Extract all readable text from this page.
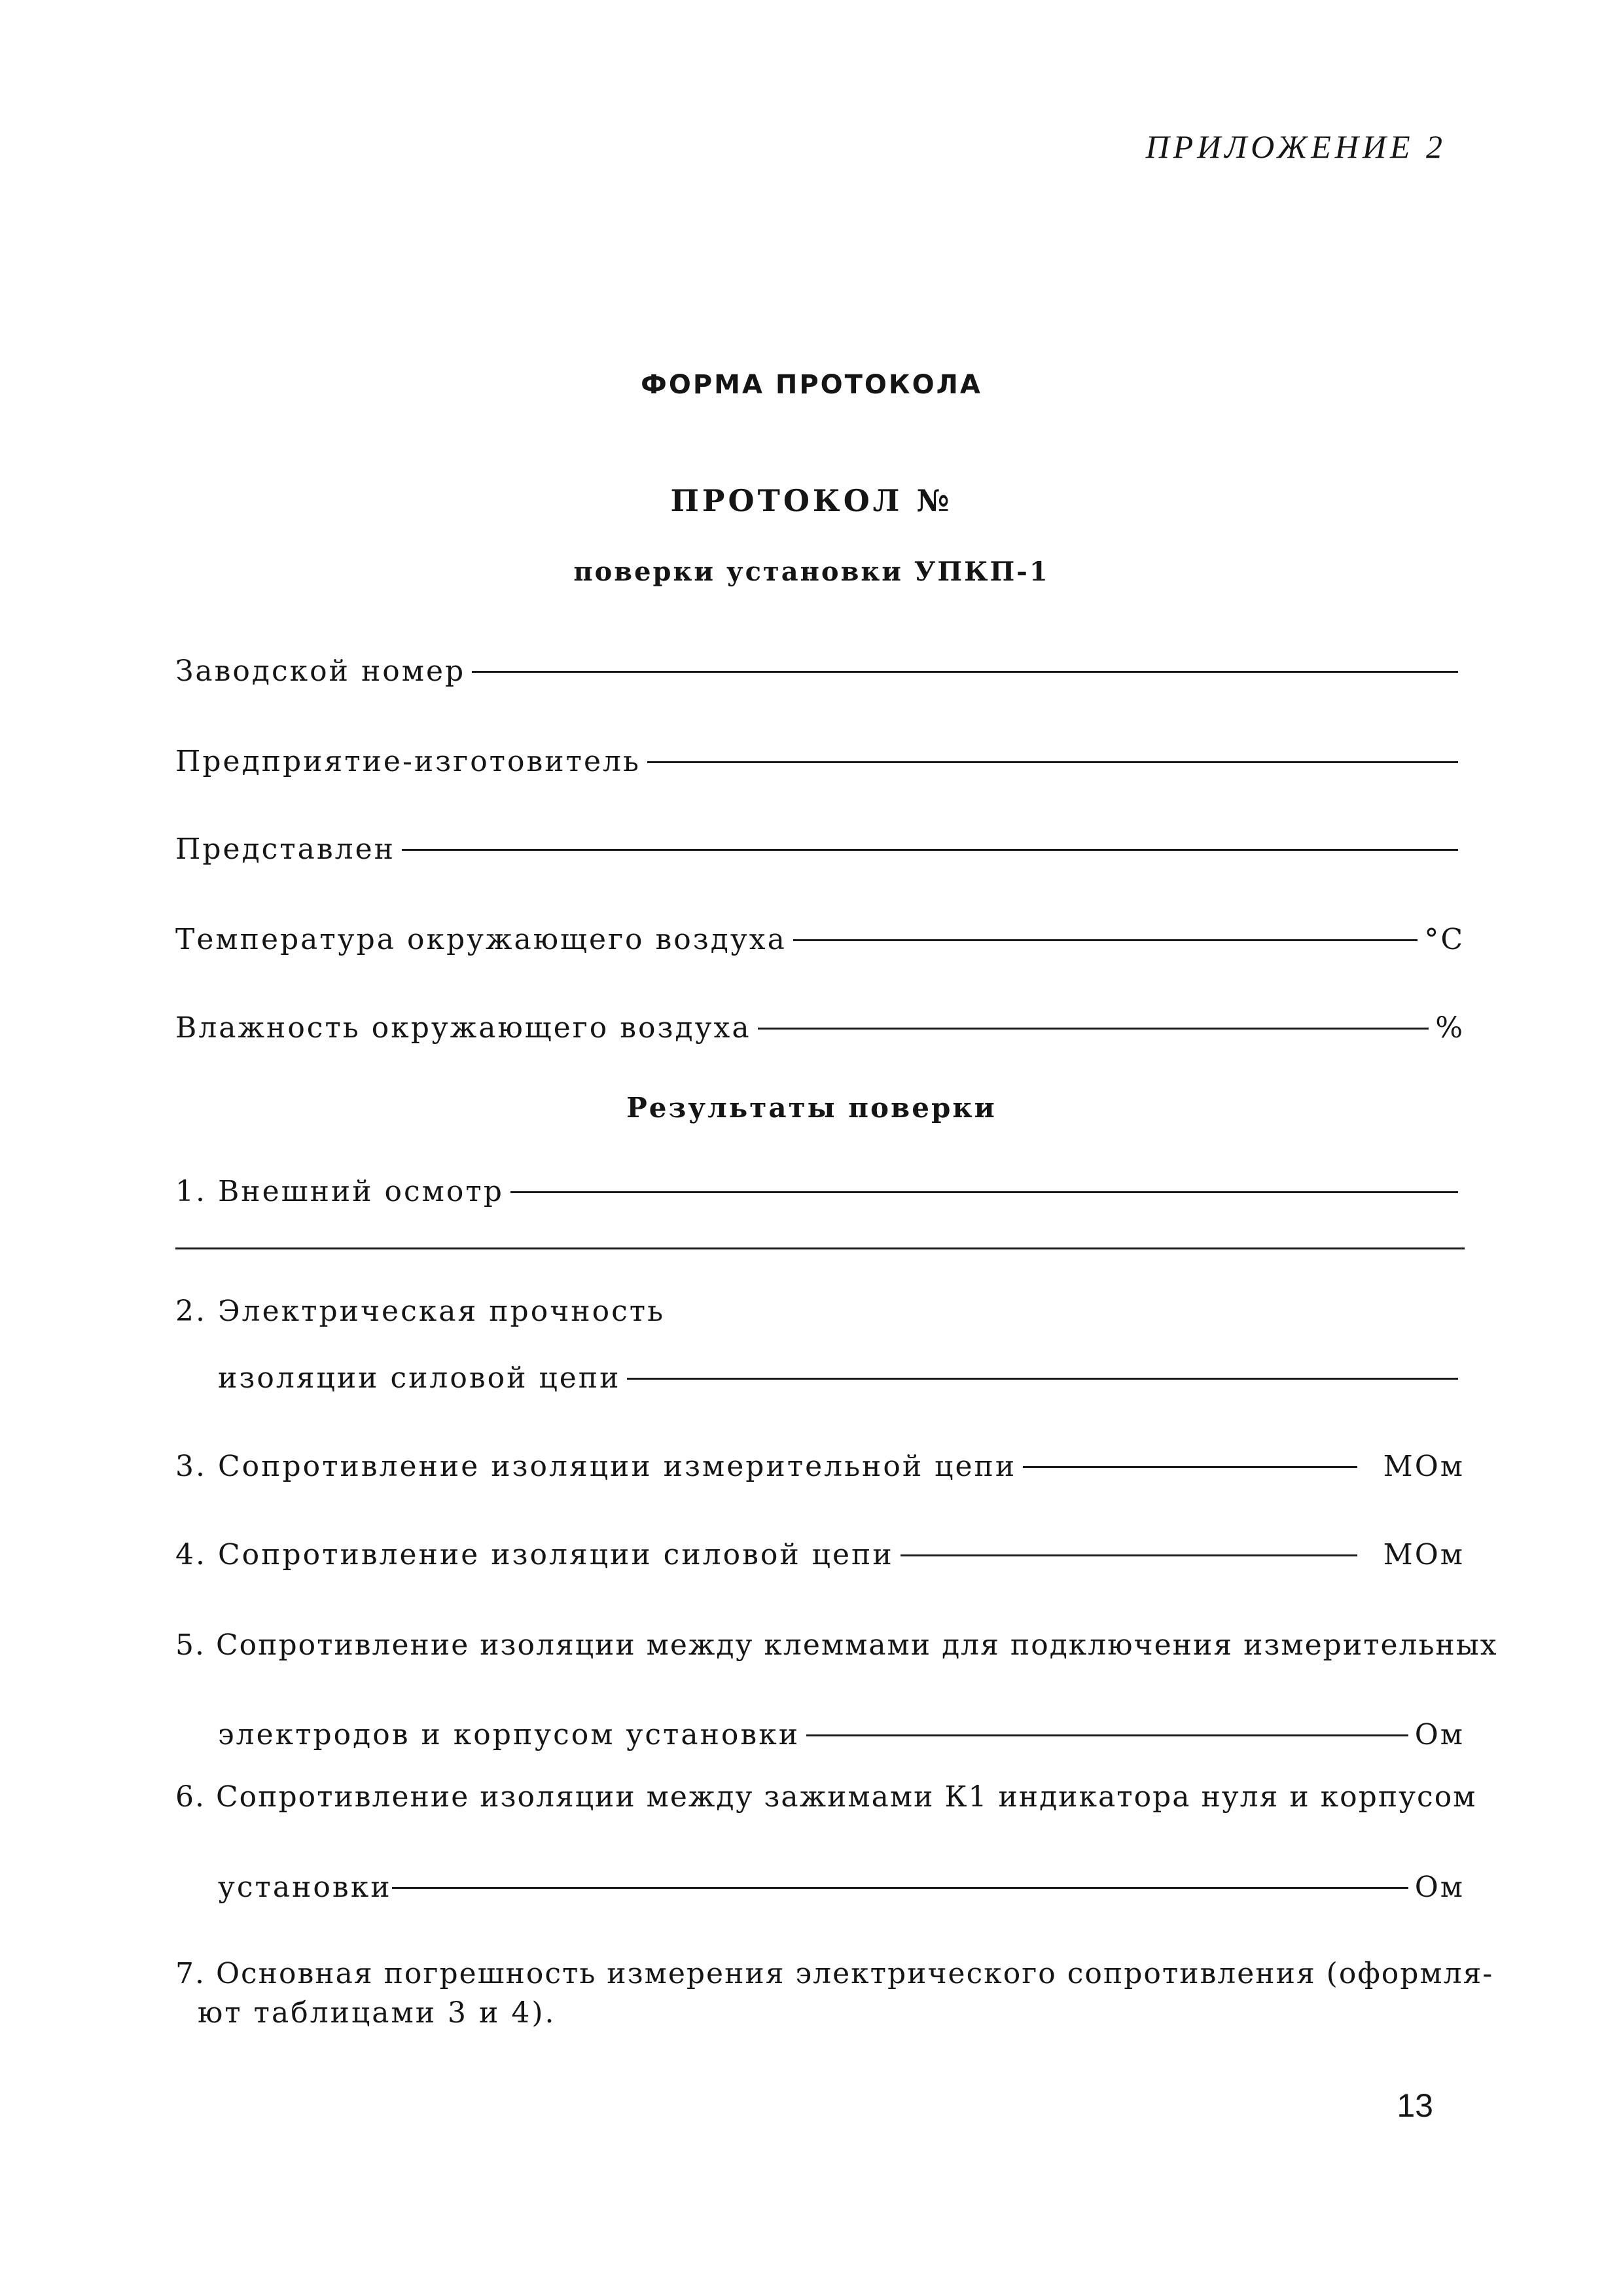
ПРИЛОЖЕНИЕ 2
ФОРМА ПРОТОКОЛА
ПРОТОКОЛ №
поверки установки УПКП-1
Заводской номер
Предприятие-изготовитель
Представлен
Температура окружающего воздуха	°С
Влажность окружающего воздуха	%
Результаты поверки
1. Внешний осмотр
2. Электрическая прочность
изоляции силовой цепи
3. Сопротивление изоляции измерительной цепи	МОм
4. Сопротивление изоляции силовой цепи	МОм
5. Сопротивление изоляции между клеммами для подключения измерительных
электродов и корпусом установки	Ом
6. Сопротивление изоляции между зажимами К1 индикатора нуля и корпусом
установки	Ом
7. Основная погрешность измерения электрического сопротивления (оформля-
ют таблицами 3 и 4).
13
